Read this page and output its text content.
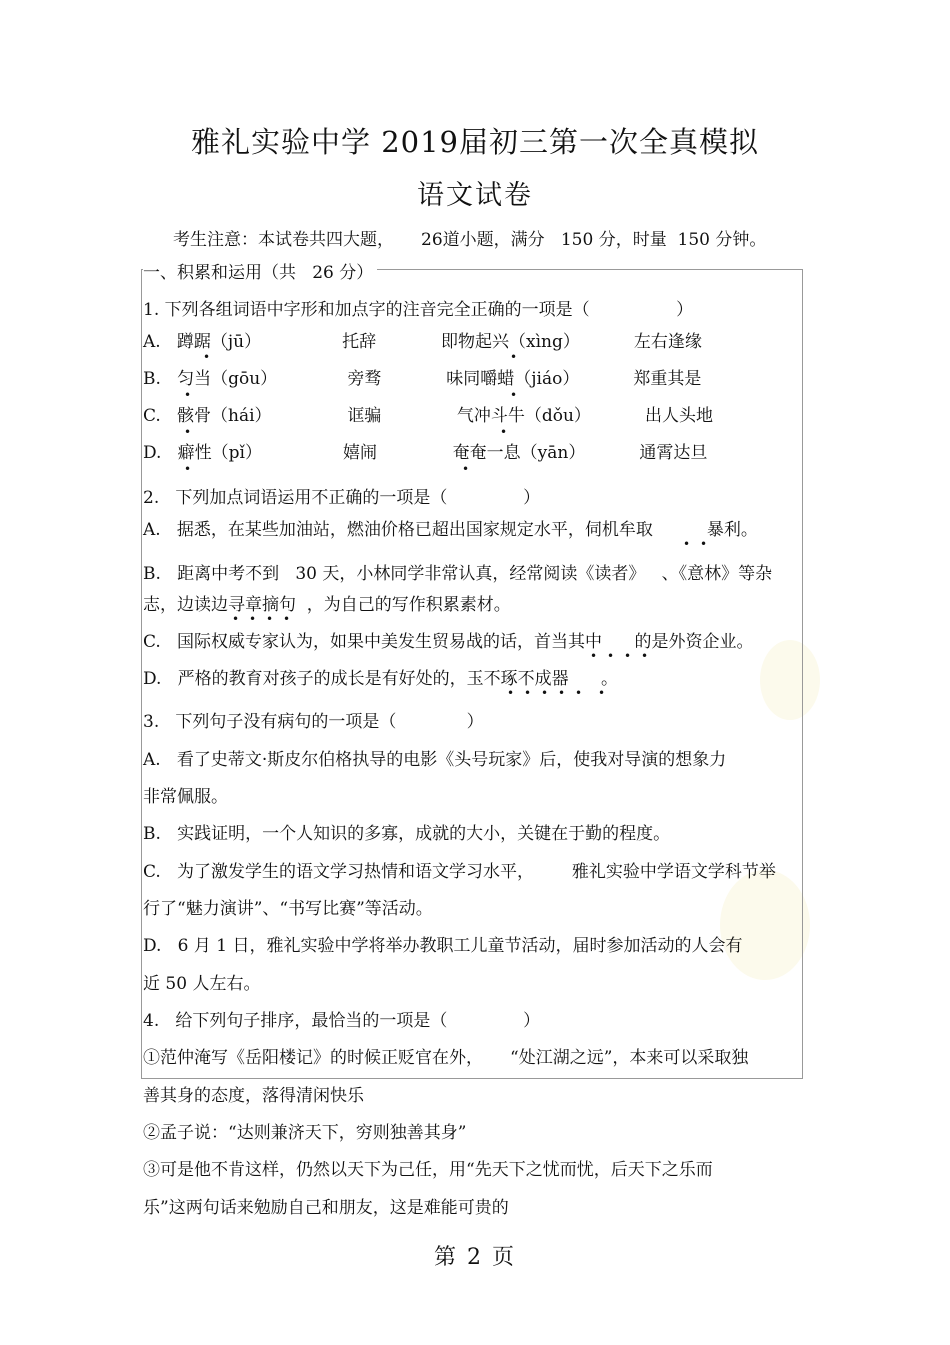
雅礼实验中学 2019届初三第一次全真模拟
语文试卷
考生注意：本试卷共四大题，     26道小题，满分   150 分，时量  150 分钟。
一、积累和运用（共   26 分）
1. 下列各组词语中字形和加点字的注音完全正确的一项是（                ）
A.   蹲踞（jū）               托辞            即物起兴（xìng）          左右逢缘
B.   匀当（gōu）             旁骛            味同嚼蜡（jiáo）          郑重其是
C.   骸骨（hái）              诓骗              气冲斗牛（dǒu）          出人头地
D.   癖性（pǐ）               嬉闹              奄奄一息（yān）          通霄达旦
2.   下列加点词语运用不正确的一项是（              ）
A.   据悉，在某些加油站，燃油价格已超出国家规定水平，伺机牟取          暴利。
B.   距离中考不到   30 天，小林同学非常认真，经常阅读《读者》   、《意林》等杂
志，边读边寻章摘句  ，为自己的写作积累素材。
C.   国际权威专家认为，如果中美发生贸易战的话，首当其中      的是外资企业。
D.   严格的教育对孩子的成长是有好处的，玉不琢不成器      。
3.   下列句子没有病句的一项是（             ）
A.   看了史蒂文·斯皮尔伯格执导的电影《头号玩家》后，使我对导演的想象力
非常佩服。
B.   实践证明，一个人知识的多寡，成就的大小，关键在于勤的程度。
C.   为了激发学生的语文学习热情和语文学习水平，       雅礼实验中学语文学科节举
行了“魅力演讲”、“书写比赛”等活动。
D.   6 月 1 日，雅礼实验中学将举办教职工儿童节活动，届时参加活动的人会有
近 50 人左右。
4.   给下列句子排序，最恰当的一项是（              ）
①范仲淹写《岳阳楼记》的时候正贬官在外，     “处江湖之远”，本来可以采取独
善其身的态度，落得清闲快乐
②孟子说：“达则兼济天下，穷则独善其身”
③可是他不肯这样，仍然以天下为己任，用“先天下之忧而忧，后天下之乐而
乐”这两句话来勉励自己和朋友，这是难能可贵的
•	•
•	•
•	•
•	•
• •
• • • •
• • • •
• • • • • •
第 2 页
